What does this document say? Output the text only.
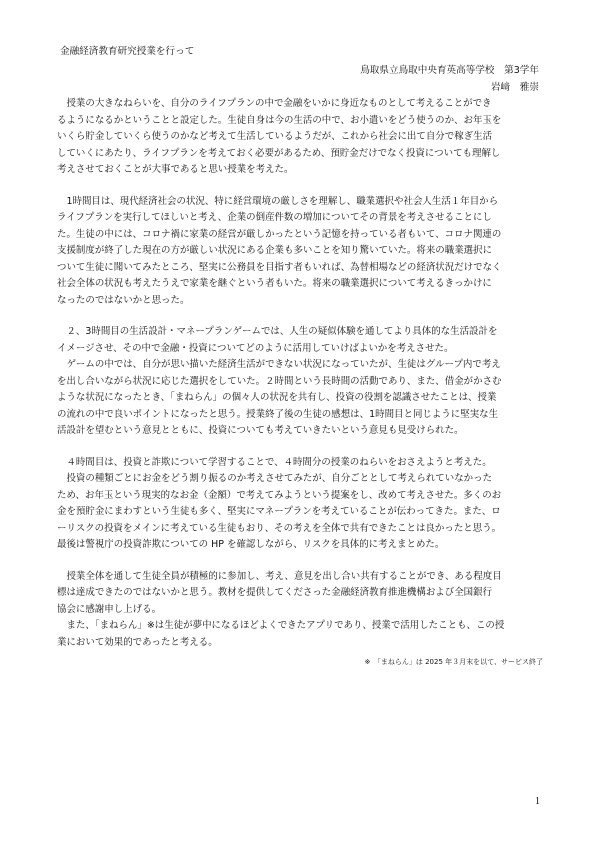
金融経済教育研究授業を行って
鳥取県立鳥取中央育英高等学校　第3学年
岩﨑　雅崇
　授業の大きなねらいを、自分のライフプランの中で金融をいかに身近なものとして考えることができ
るようになるかということと設定した。生徒自身は今の生活の中で、お小遣いをどう使うのか、お年玉を
いくら貯金していくら使うのかなど考えて生活しているようだが、これから社会に出て自分で稼ぎ生活
していくにあたり、ライフプランを考えておく必要があるため、預貯金だけでなく投資についても理解し
考えさせておくことが大事であると思い授業を考えた。
　1時間目は、現代経済社会の状況、特に経営環境の厳しさを理解し、職業選択や社会人生活１年目から
ライフプランを実行してほしいと考え、企業の倒産件数の増加についてその背景を考えさせることにし
た。生徒の中には、コロナ禍に家業の経営が厳しかったという記憶を持っている者もいて、コロナ関連の
支援制度が終了した現在の方が厳しい状況にある企業も多いことを知り驚いていた。将来の職業選択に
ついて生徒に聞いてみたところ、堅実に公務員を目指す者もいれば、為替相場などの経済状況だけでなく
社会全体の状況も考えたうえで家業を継ぐという者もいた。将来の職業選択について考えるきっかけに
なったのではないかと思った。
　２、3時間目の生活設計・マネープランゲームでは、人生の疑似体験を通してより具体的な生活設計を
イメージさせ、その中で金融・投資についてどのように活用していけばよいかを考えさせた。
　ゲームの中では、自分が思い描いた経済生活ができない状況になっていたが、生徒はグループ内で考え
を出し合いながら状況に応じた選択をしていた。２時間という長時間の活動であり、また、借金がかさむ
ような状況になったとき、「まねらん」の個々人の状況を共有し、投資の役割を認識させたことは、授業
の流れの中で良いポイントになったと思う。授業終了後の生徒の感想は、1時間目と同じように堅実な生
活設計を望むという意見とともに、投資についても考えていきたいという意見も見受けられた。
　４時間目は、投資と詐欺について学習することで、４時間分の授業のねらいをおさえようと考えた。
　投資の種類ごとにお金をどう割り振るのか考えさせてみたが、自分ごととして考えられていなかった
ため、お年玉という現実的なお金（金額）で考えてみようという提案をし、改めて考えさせた。多くのお
金を預貯金にまわすという生徒も多く、堅実にマネープランを考えていることが伝わってきた。また、ロ
ーリスクの投資をメインに考えている生徒もおり、その考えを全体で共有できたことは良かったと思う。
最後は警視庁の投資詐欺についての HP を確認しながら、リスクを具体的に考えまとめた。
　授業全体を通して生徒全員が積極的に参加し、考え、意見を出し合い共有することができ、ある程度目
標は達成できたのではないかと思う。教材を提供してくださった金融経済教育推進機構および全国銀行
協会に感謝申し上げる。
　また、「まねらん」※は生徒が夢中になるほどよくできたアプリであり、授業で活用したことも、この授
業において効果的であったと考える。
※　「まねらん」は 2025 年３月末を以て、サービス終了
1
